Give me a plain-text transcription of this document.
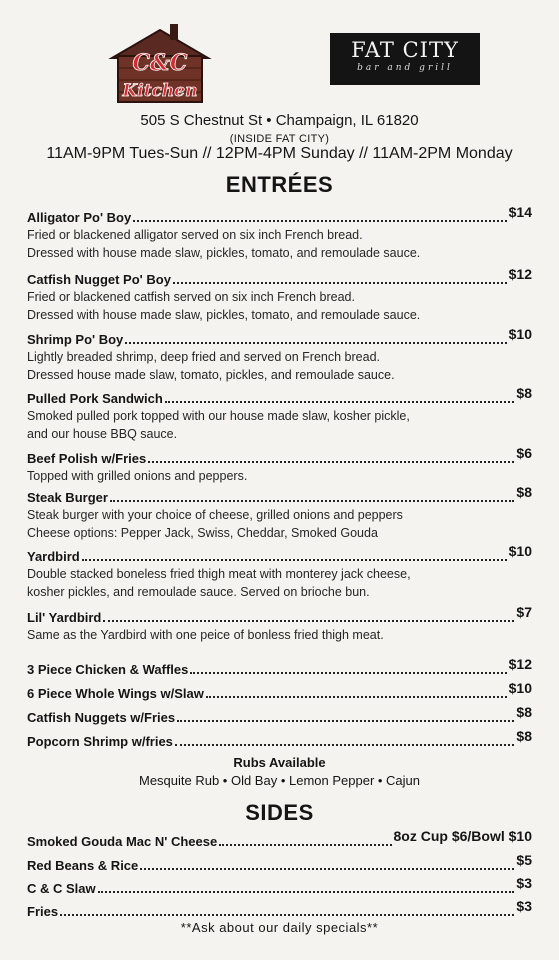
C&C
Kitchen
FAT CITY
bar and grill
505 S Chestnut St • Champaign, IL 61820
(INSIDE FAT CITY)
11AM-9PM Tues-Sun // 12PM-4PM Sunday // 11AM-2PM Monday
ENTRÉES
Alligator Po' Boy	$14
Fried or blackened alligator served on six inch French bread.
Dressed with house made slaw, pickles, tomato, and remoulade sauce.
Catfish Nugget Po' Boy	$12
Fried or blackened catfish served on six inch French bread.
Dressed with house made slaw, pickles, tomato, and remoulade sauce.
Shrimp Po' Boy	$10
Lightly breaded shrimp, deep fried and served on French bread.
Dressed house made slaw, tomato, pickles, and remoulade sauce.
Pulled Pork Sandwich	$8
Smoked pulled pork topped with our house made slaw, kosher pickle,
and our house BBQ sauce.
Beef Polish w/Fries	$6
Topped with grilled onions and peppers.
Steak Burger	$8
Steak burger with your choice of cheese, grilled onions and peppers
Cheese options: Pepper Jack, Swiss, Cheddar, Smoked Gouda
Yardbird	$10
Double stacked boneless fried thigh meat with monterey jack cheese,
kosher pickles, and remoulade sauce. Served on brioche bun.
Lil' Yardbird	$7
Same as the Yardbird with one peice of bonless fried thigh meat.
3 Piece Chicken & Waffles	$12
6 Piece Whole Wings w/Slaw	$10
Catfish Nuggets w/Fries	$8
Popcorn Shrimp w/fries	$8
Rubs Available
Mesquite Rub • Old Bay • Lemon Pepper • Cajun
SIDES
Smoked Gouda Mac N' Cheese	8oz Cup $6/Bowl $10
Red Beans & Rice	$5
C & C Slaw	$3
Fries	$3
**Ask about our daily specials**
